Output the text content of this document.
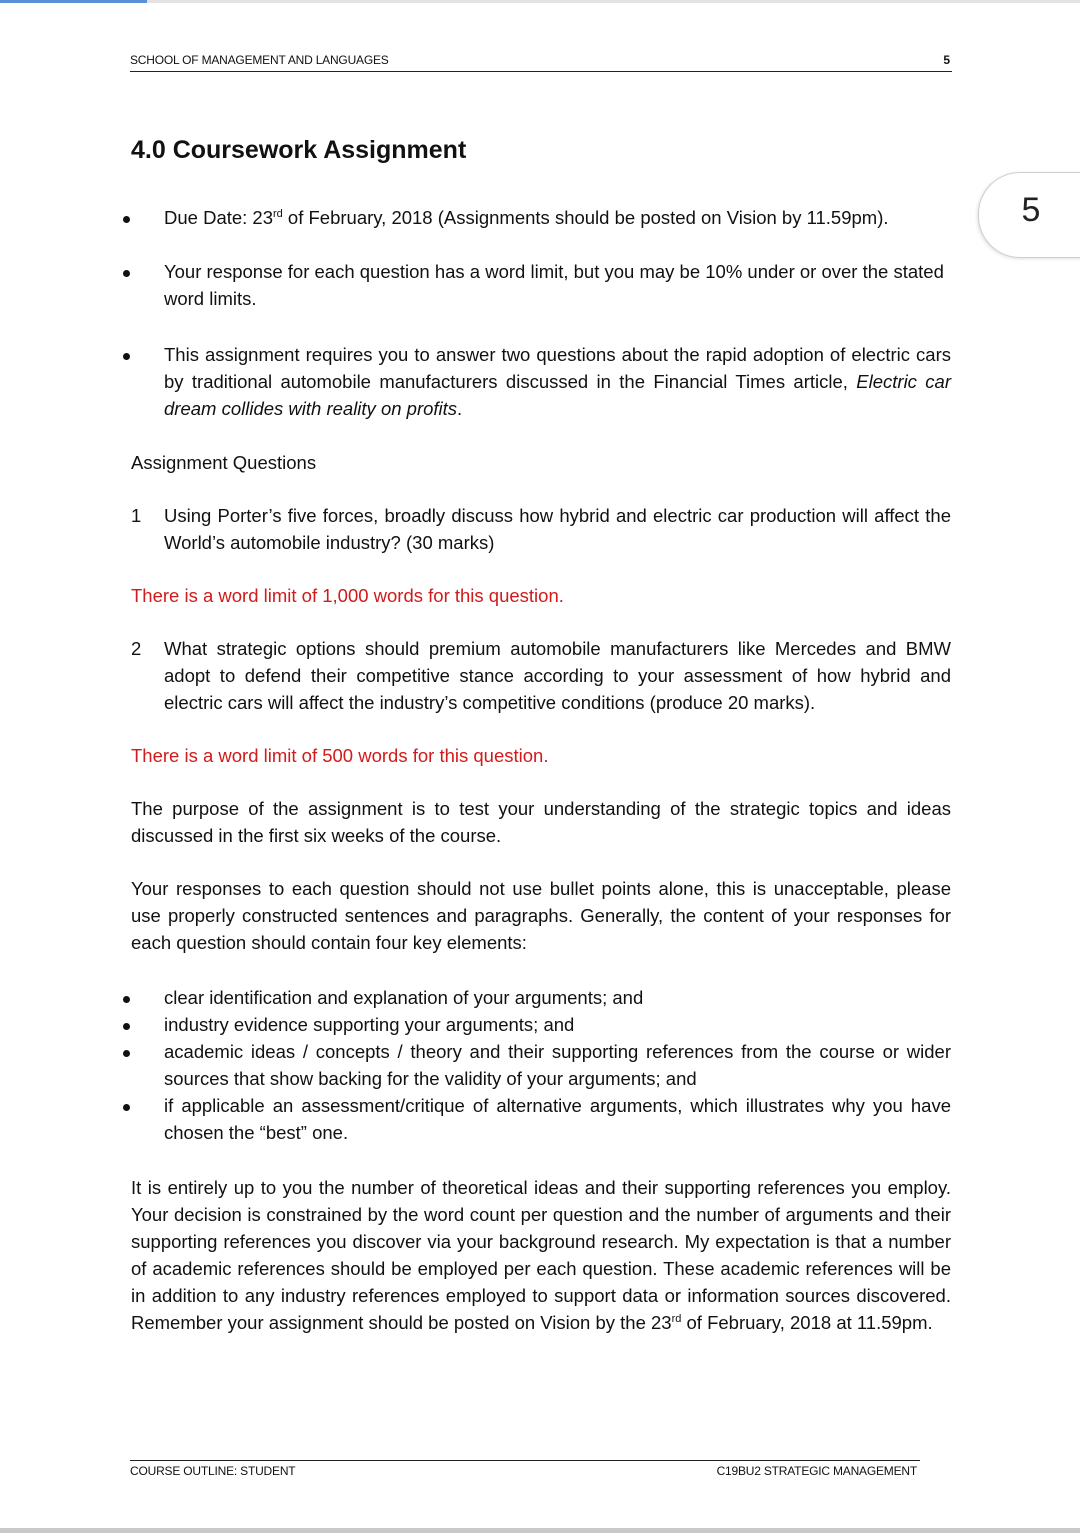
SCHOOL OF MANAGEMENT AND LANGUAGES	5
5
4.0 Coursework Assignment
Due Date: 23rd of February, 2018 (Assignments should be posted on Vision by 11.59pm).
Your response for each question has a word limit, but you may be 10% under or over the stated word limits.
This assignment requires you to answer two questions about the rapid adoption of electric cars by traditional automobile manufacturers discussed in the Financial Times article, Electric car dream collides with reality on profits.

Assignment Questions

1 Using Porter’s five forces, broadly discuss how hybrid and electric car production will affect the World’s automobile industry? (30 marks)

There is a word limit of 1,000 words for this question.

2 What strategic options should premium automobile manufacturers like Mercedes and BMW adopt to defend their competitive stance according to your assessment of how hybrid and electric cars will affect the industry’s competitive conditions (produce 20 marks).

There is a word limit of 500 words for this question.

The purpose of the assignment is to test your understanding of the strategic topics and ideas discussed in the first six weeks of the course.

Your responses to each question should not use bullet points alone, this is unacceptable, please use properly constructed sentences and paragraphs. Generally, the content of your responses for each question should contain four key elements:

clear identification and explanation of your arguments; and
industry evidence supporting your arguments; and
academic ideas / concepts / theory and their supporting references from the course or wider sources that show backing for the validity of your arguments; and
if applicable an assessment/critique of alternative arguments, which illustrates why you have chosen the “best” one.

It is entirely up to you the number of theoretical ideas and their supporting references you employ. Your decision is constrained by the word count per question and the number of arguments and their supporting references you discover via your background research. My expectation is that a number of academic references should be employed per each question. These academic references will be in addition to any industry references employed to support data or information sources discovered. Remember your assignment should be posted on Vision by the 23rd of February, 2018 at 11.59pm.

COURSE OUTLINE: STUDENT	C19BU2 STRATEGIC MANAGEMENT
